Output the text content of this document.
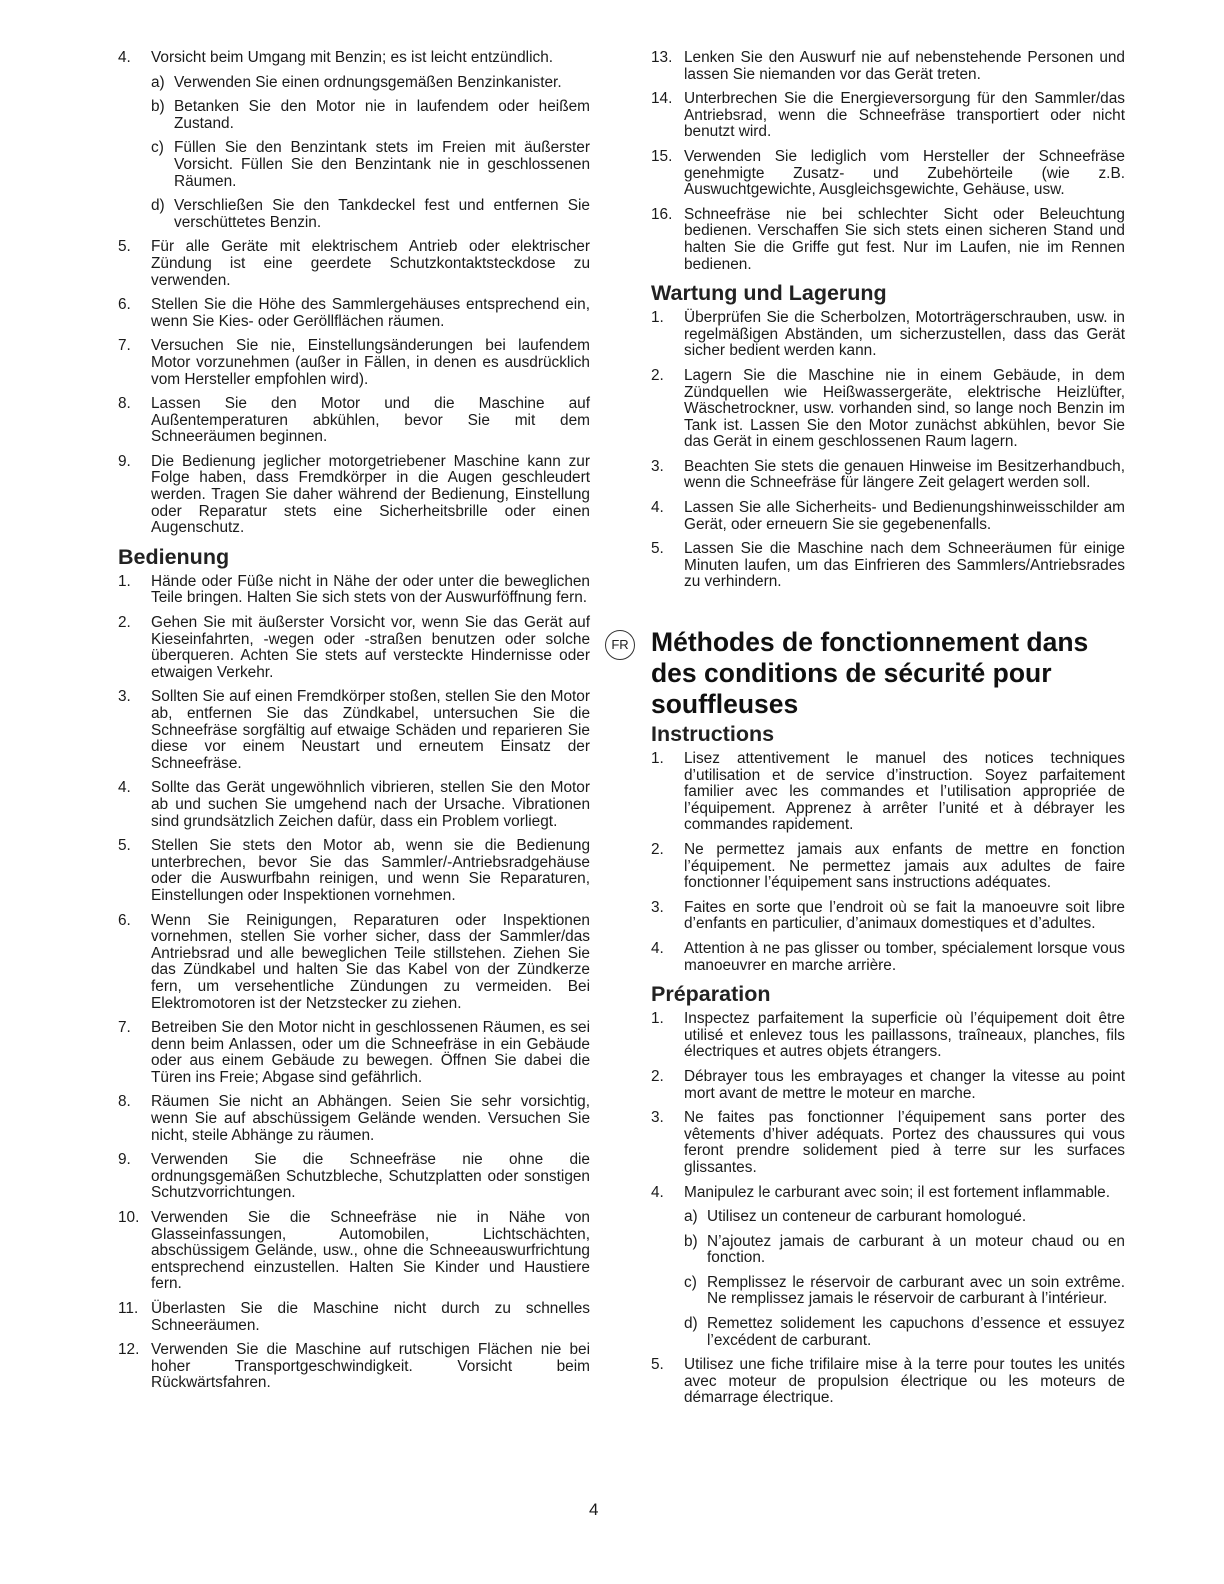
4.	Vorsicht beim Umgang mit Benzin; es ist leicht entzündlich.
a) Verwenden Sie einen ordnungsgemäßen Benzinkanister.
b) Betanken Sie den Motor nie in laufendem oder heißem Zustand.
c) Füllen Sie den Benzintank stets im Freien mit äußerster Vorsicht. Füllen Sie den Benzintank nie in geschlossenen Räumen.
d) Verschließen Sie den Tankdeckel fest und entfernen Sie verschüttetes Benzin.
5.	Für alle Geräte mit elektrischem Antrieb oder elektrischer Zündung ist eine geerdete Schutzkontaktsteckdose zu verwenden.
6.	Stellen Sie die Höhe des Sammlergehäuses entsprechend ein, wenn Sie Kies- oder Geröllflächen räumen.
7.	Versuchen Sie nie, Einstellungsänderungen bei laufendem Motor vorzunehmen (außer in Fällen, in denen es ausdrücklich vom Hersteller empfohlen wird).
8.	Lassen Sie den Motor und die Maschine auf Außentemperaturen abkühlen, bevor Sie mit dem Schneeräumen beginnen.
9.	Die Bedienung jeglicher motorgetriebener Maschine kann zur Folge haben, dass Fremdkörper in die Augen geschleudert werden. Tragen Sie daher während der Bedienung, Einstellung oder Reparatur stets eine Sicherheitsbrille oder einen Augenschutz.
Bedienung
1.	Hände oder Füße nicht in Nähe der oder unter die beweglichen Teile bringen. Halten Sie sich stets von der Auswurföffnung fern.
2.	Gehen Sie mit äußerster Vorsicht vor, wenn Sie das Gerät auf Kieseinfahrten, -wegen oder -straßen benutzen oder solche überqueren. Achten Sie stets auf versteckte Hindernisse oder etwaigen Verkehr.
3.	Sollten Sie auf einen Fremdkörper stoßen, stellen Sie den Motor ab, entfernen Sie das Zündkabel, untersuchen Sie die Schneefräse sorgfältig auf etwaige Schäden und reparieren Sie diese vor einem Neustart und erneutem Einsatz der Schneefräse.
4.	Sollte das Gerät ungewöhnlich vibrieren, stellen Sie den Motor ab und suchen Sie umgehend nach der Ursache. Vibrationen sind grundsätzlich Zeichen dafür, dass ein Problem vorliegt.
5.	Stellen Sie stets den Motor ab, wenn sie die Bedienung unterbrechen, bevor Sie das Sammler/-Antriebsradgehäuse oder die Auswurfbahn reinigen, und wenn Sie Reparaturen, Einstellungen oder Inspektionen vornehmen.
6.	Wenn Sie Reinigungen, Reparaturen oder Inspektionen vornehmen, stellen Sie vorher sicher, dass der Sammler/das Antriebsrad und alle beweglichen Teile stillstehen. Ziehen Sie das Zündkabel und halten Sie das Kabel von der Zündkerze fern, um versehentliche Zündungen zu vermeiden. Bei Elektromotoren ist der Netzstecker zu ziehen.
7.	Betreiben Sie den Motor nicht in geschlossenen Räumen, es sei denn beim Anlassen, oder um die Schneefräse in ein Gebäude oder aus einem Gebäude zu bewegen. Öffnen Sie dabei die Türen ins Freie; Abgase sind gefährlich.
8.	Räumen Sie nicht an Abhängen. Seien Sie sehr vorsichtig, wenn Sie auf abschüssigem Gelände wenden. Versuchen Sie nicht, steile Abhänge zu räumen.
9.	Verwenden Sie die Schneefräse nie ohne die ordnungsgemäßen Schutzbleche, Schutzplatten oder sonstigen Schutzvorrichtungen.
10. Verwenden Sie die Schneefräse nie in Nähe von Glasseinfassungen, Automobilen, Lichtschächten, abschüssigem Gelände, usw., ohne die Schneeauswurfrichtung entsprechend einzustellen. Halten Sie Kinder und Haustiere fern.
11. Überlasten Sie die Maschine nicht durch zu schnelles Schneeräumen.
12. Verwenden Sie die Maschine auf rutschigen Flächen nie bei hoher Transportgeschwindigkeit. Vorsicht beim Rückwärtsfahren.
13. Lenken Sie den Auswurf nie auf nebenstehende Personen und lassen Sie niemanden vor das Gerät treten.
14. Unterbrechen Sie die Energieversorgung für den Sammler/das Antriebsrad, wenn die Schneefräse transportiert oder nicht benutzt wird.
15. Verwenden Sie lediglich vom Hersteller der Schneefräse genehmigte Zusatz- und Zubehörteile (wie z.B. Auswuchtgewichte, Ausgleichsgewichte, Gehäuse, usw.
16. Schneefräse nie bei schlechter Sicht oder Beleuchtung bedienen. Verschaffen Sie sich stets einen sicheren Stand und halten Sie die Griffe gut fest. Nur im Laufen, nie im Rennen bedienen.
Wartung und Lagerung
1.	Überprüfen Sie die Scherbolzen, Motorträgerschrauben, usw. in regelmäßigen Abständen, um sicherzustellen, dass das Gerät sicher bedient werden kann.
2.	Lagern Sie die Maschine nie in einem Gebäude, in dem Zündquellen wie Heißwassergeräte, elektrische Heizlüfter, Wäschetrockner, usw. vorhanden sind, so lange noch Benzin im Tank ist. Lassen Sie den Motor zunächst abkühlen, bevor Sie das Gerät in einem geschlossenen Raum lagern.
3.	Beachten Sie stets die genauen Hinweise im Besitzerhandbuch, wenn die Schneefräse für längere Zeit gelagert werden soll.
4.	Lassen Sie alle Sicherheits- und Bedienungshinweisschilder am Gerät, oder erneuern Sie sie gegebenenfalls.
5.	Lassen Sie die Maschine nach dem Schneeräumen für einige Minuten laufen, um das Einfrieren des Sammlers/Antriebsrades zu verhindern.
FR Méthodes de fonctionnement dans des conditions de sécurité pour souffleuses
Instructions
1.	Lisez attentivement le manuel des notices techniques d’utilisation et de service d’instruction. Soyez parfaitement familier avec les commandes et l’utilisation appropriée de l’équipement. Apprenez à arrêter l’unité et à débrayer les commandes rapidement.
2.	Ne permettez jamais aux enfants de mettre en fonction l’équipement. Ne permettez jamais aux adultes de faire fonctionner l’équipement sans instructions adéquates.
3.	Faites en sorte que l’endroit où se fait la manoeuvre soit libre d’enfants en particulier, d’animaux domestiques et d’adultes.
4.	Attention à ne pas glisser ou tomber, spécialement lorsque vous manoeuvrer en marche arrière.
Préparation
1.	Inspectez parfaitement la superficie où l’équipement doit être utilisé et enlevez tous les paillassons, traîneaux, planches, fils électriques et autres objets étrangers.
2.	Débrayer tous les embrayages et changer la vitesse au point mort avant de mettre le moteur en marche.
3.	Ne faites pas fonctionner l’équipement sans porter des vêtements d’hiver adéquats. Portez des chaussures qui vous feront prendre solidement pied à terre sur les surfaces glissantes.
4.	Manipulez le carburant avec soin; il est fortement inflammable.
a) Utilisez un conteneur de carburant homologué.
b) N’ajoutez jamais de carburant à un moteur chaud ou en fonction.
c) Remplissez le réservoir de carburant avec un soin extrême. Ne remplissez jamais le réservoir de carburant à l’intérieur.
d) Remettez solidement les capuchons d’essence et essuyez l’excédent de carburant.
5.	Utilisez une fiche trifilaire mise à la terre pour toutes les unités avec moteur de propulsion électrique ou les moteurs de démarrage électrique.
4
